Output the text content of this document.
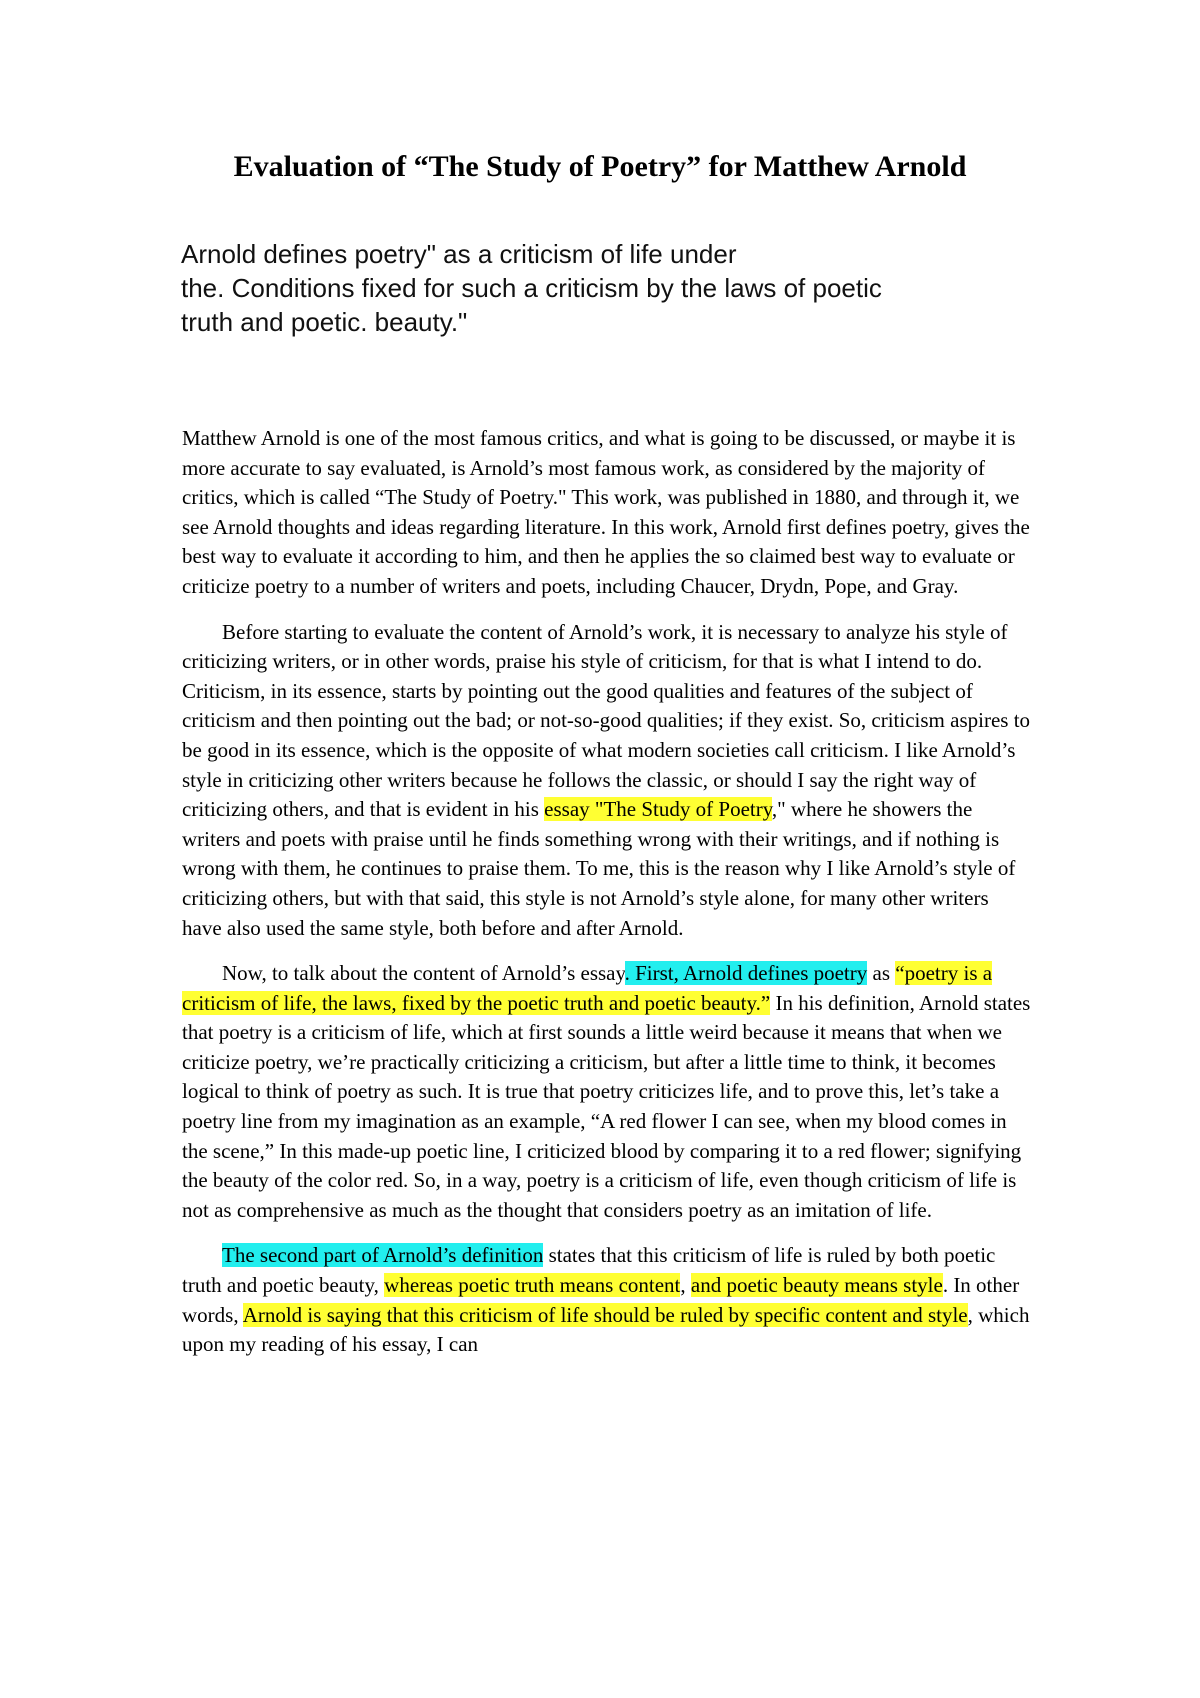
Evaluation of “The Study of Poetry” for Matthew Arnold
Arnold defines poetry" as a criticism of life under
the. Conditions fixed for such a criticism by the laws of poetic
truth and poetic. beauty."

Matthew Arnold is one of the most famous critics, and what is going to be discussed, or maybe it is more accurate to say evaluated, is Arnold’s most famous work, as considered by the majority of critics, which is called “The Study of Poetry." This work, was published in 1880, and through it, we see Arnold thoughts and ideas regarding literature. In this work, Arnold first defines poetry, gives the best way to evaluate it according to him, and then he applies the so claimed best way to evaluate or criticize poetry to a number of writers and poets, including Chaucer, Drydn, Pope, and Gray.

Before starting to evaluate the content of Arnold’s work, it is necessary to analyze his style of criticizing writers, or in other words, praise his style of criticism, for that is what I intend to do. Criticism, in its essence, starts by pointing out the good qualities and features of the subject of criticism and then pointing out the bad; or not-so-good qualities; if they exist. So, criticism aspires to be good in its essence, which is the opposite of what modern societies call criticism. I like Arnold’s style in criticizing other writers because he follows the classic, or should I say the right way of criticizing others, and that is evident in his essay "The Study of Poetry," where he showers the writers and poets with praise until he finds something wrong with their writings, and if nothing is wrong with them, he continues to praise them. To me, this is the reason why I like Arnold’s style of criticizing others, but with that said, this style is not Arnold’s style alone, for many other writers have also used the same style, both before and after Arnold.

Now, to talk about the content of Arnold’s essay. First, Arnold defines poetry as “poetry is a criticism of life, the laws, fixed by the poetic truth and poetic beauty.” In his definition, Arnold states that poetry is a criticism of life, which at first sounds a little weird because it means that when we criticize poetry, we’re practically criticizing a criticism, but after a little time to think, it becomes logical to think of poetry as such. It is true that poetry criticizes life, and to prove this, let’s take a poetry line from my imagination as an example, “A red flower I can see, when my blood comes in the scene,” In this made-up poetic line, I criticized blood by comparing it to a red flower; signifying the beauty of the color red. So, in a way, poetry is a criticism of life, even though criticism of life is not as comprehensive as much as the thought that considers poetry as an imitation of life.

The second part of Arnold’s definition states that this criticism of life is ruled by both poetic truth and poetic beauty, whereas poetic truth means content, and poetic beauty means style. In other words, Arnold is saying that this criticism of life should be ruled by specific content and style, which upon my reading of his essay, I can
